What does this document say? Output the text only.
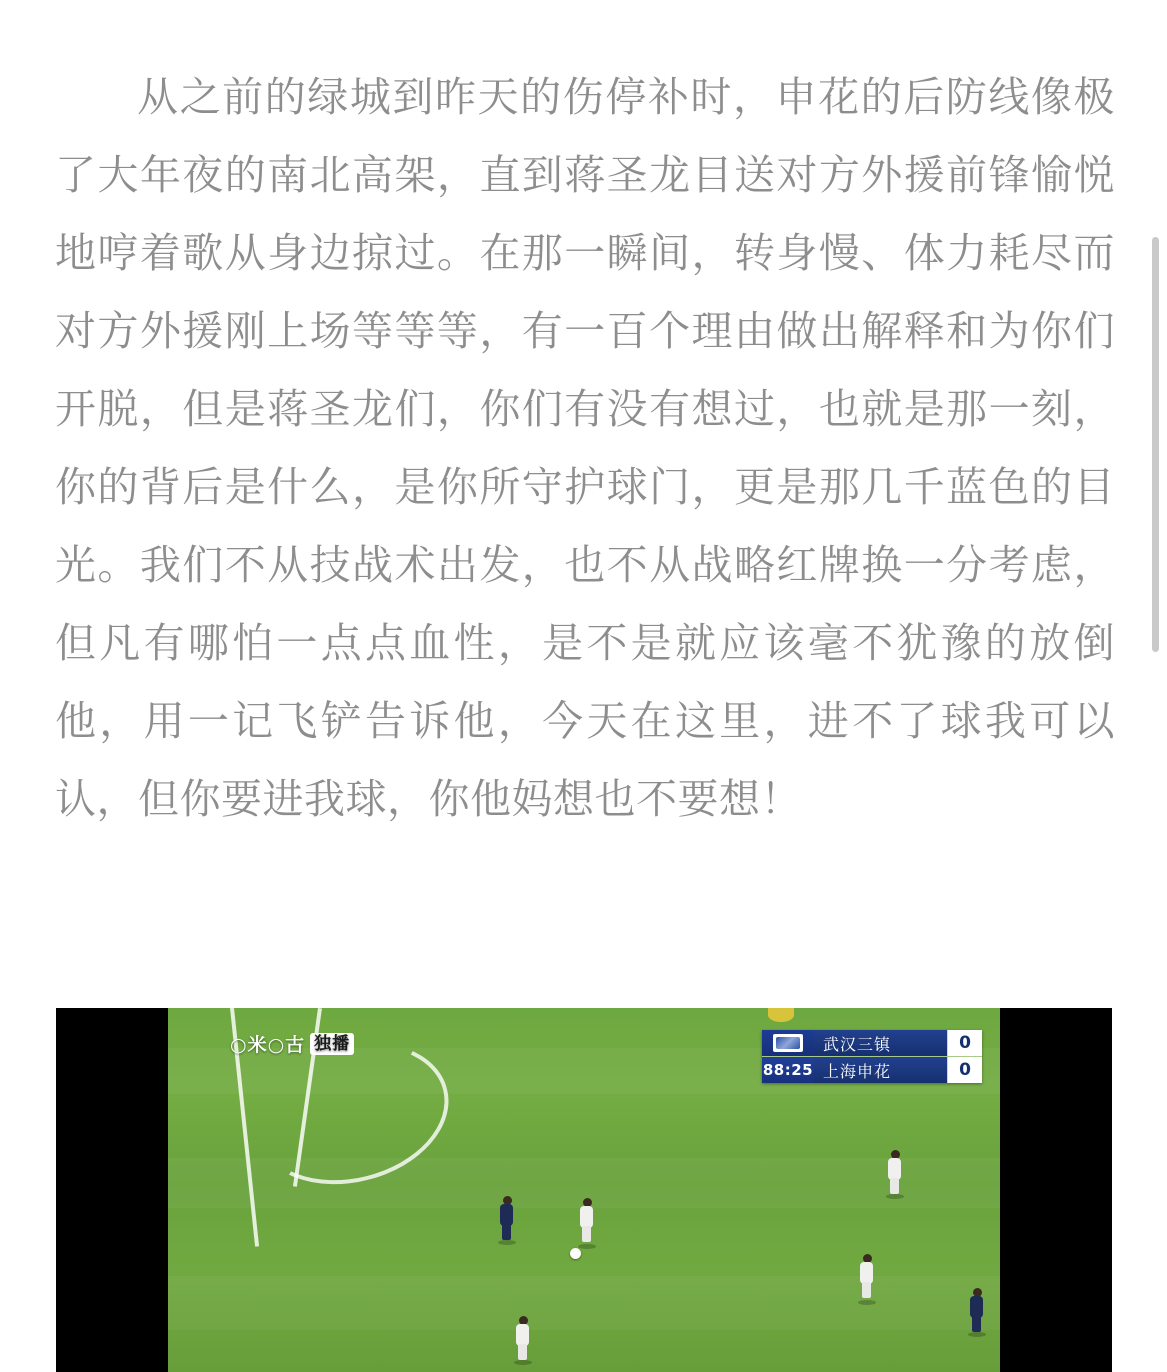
从之前的绿城到昨天的伤停补时，申花的后防线像极了大年夜的南北高架，直到蒋圣龙目送对方外援前锋愉悦地哼着歌从身边掠过。在那一瞬间，转身慢、体力耗尽而对方外援刚上场等等等，有一百个理由做出解释和为你们开脱，但是蒋圣龙们，你们有没有想过，也就是那一刻，你的背后是什么，是你所守护球门，更是那几千蓝色的目光。我们不从技战术出发，也不从战略红牌换一分考虑，但凡有哪怕一点点血性，是不是就应该毫不犹豫的放倒他，用一记飞铲告诉他，今天在这里，进不了球我可以认，但你要进我球，你他妈想也不要想！

○米○古 独播	武汉三镇	0
88:25 上海申花	0
